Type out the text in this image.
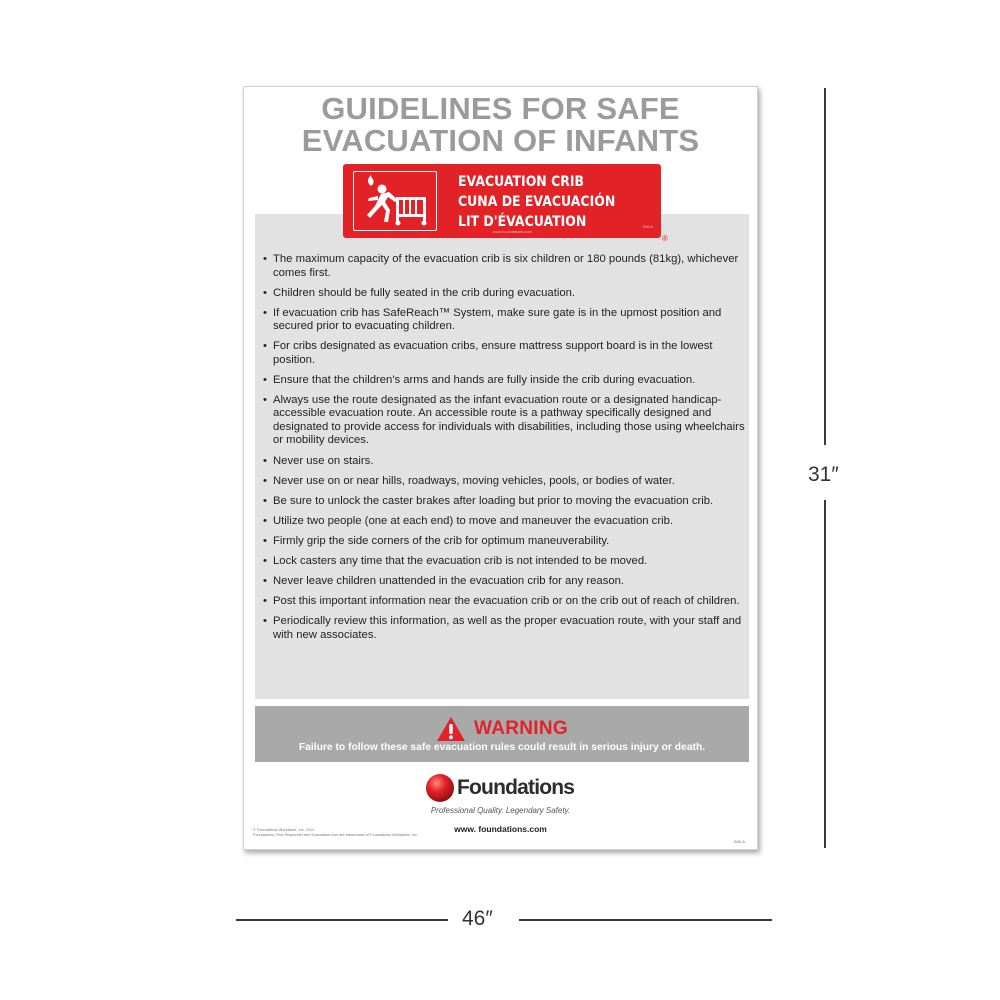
GUIDELINES FOR SAFE
EVACUATION OF INFANTS
EVACUATION CRIB
CUNA DE EVACUACIÓN
LIT D'ÉVACUATION
www.foundations.com
SA6-A
®
• The maximum capacity of the evacuation crib is six children or 180 pounds (81kg), whichever comes first.
• Children should be fully seated in the crib during evacuation.
• If evacuation crib has SafeReach™ System, make sure gate is in the upmost position and secured prior to evacuating children.
• For cribs designated as evacuation cribs, ensure mattress support board is in the lowest position.
• Ensure that the children's arms and hands are fully inside the crib during evacuation.
• Always use the route designated as the infant evacuation route or a designated handicap-accessible evacuation route. An accessible route is a pathway specifically designed and designated to provide access for individuals with disabilities, including those using wheelchairs or mobility devices.
• Never use on stairs.
• Never use on or near hills, roadways, moving vehicles, pools, or bodies of water.
• Be sure to unlock the caster brakes after loading but prior to moving the evacuation crib.
• Utilize two people (one at each end) to move and maneuver the evacuation crib.
• Firmly grip the side corners of the crib for optimum maneuverability.
• Lock casters any time that the evacuation crib is not intended to be moved.
• Never leave children unattended in the evacuation crib for any reason.
• Post this important information near the evacuation crib or on the crib out of reach of children.
• Periodically review this information, as well as the proper evacuation route, with your staff and with new associates.
WARNING
Failure to follow these safe evacuation rules could result in serious injury or death.
Foundations
Professional Quality. Legendary Safety.
www. foundations.com
© Foundations Worldwide, Inc. 2012
Foundations, First Responder and Evacuation icon are trademarks of Foundations Worldwide, Inc.
SA6-A
31″
46″
